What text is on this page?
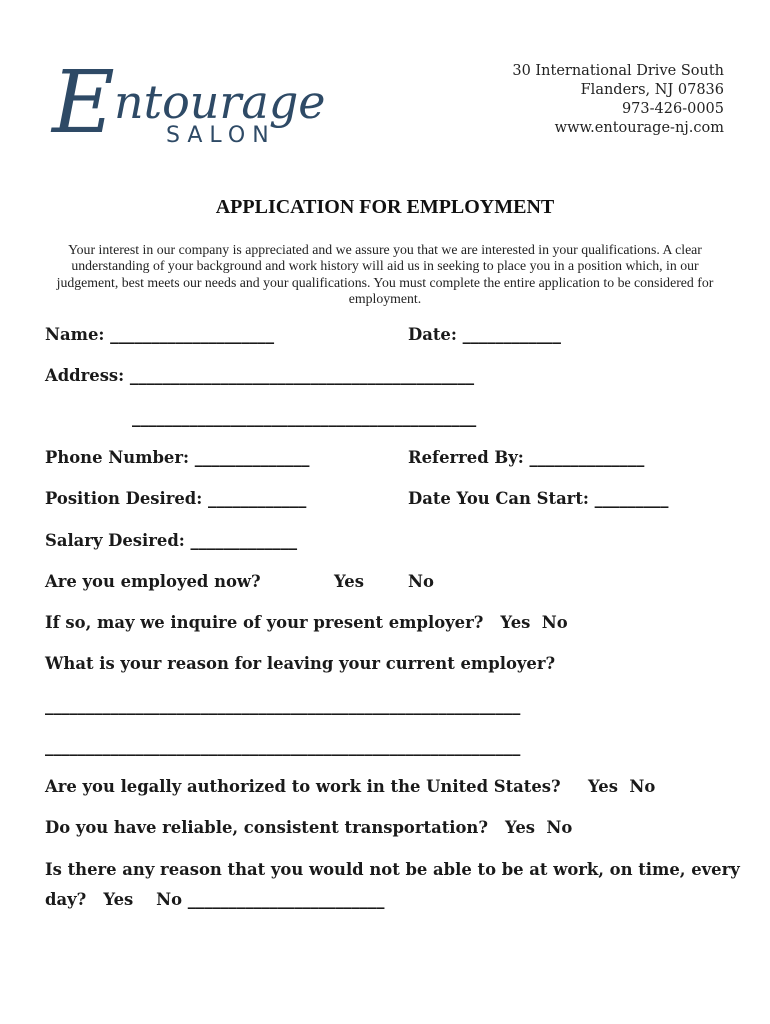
E ntourage
SALON
30 International Drive South
Flanders, NJ 07836
973-426-0005
www.entourage-nj.com
APPLICATION FOR EMPLOYMENT
Your interest in our company is appreciated and we assure you that we are interested in your qualifications. A clear understanding of your background and work history will aid us in seeking to place you in a position which, in our judgement, best meets our needs and your qualifications. You must complete the entire application to be considered for employment.
Name: ____________________	Date: ____________
Address: __________________________________________
__________________________________________
Phone Number: ______________	Referred By: ______________
Position Desired: ____________	Date You Can Start: _________
Salary Desired: _____________
Are you employed now?	Yes	No
If so, may we inquire of your present employer?   Yes  No
What is your reason for leaving your current employer?
__________________________________________________________
__________________________________________________________
Are you legally authorized to work in the United States? Yes  No
Do you have reliable, consistent transportation?   Yes  No
Is there any reason that you would not be able to be at work, on time, every
day?   Yes    No ________________________
